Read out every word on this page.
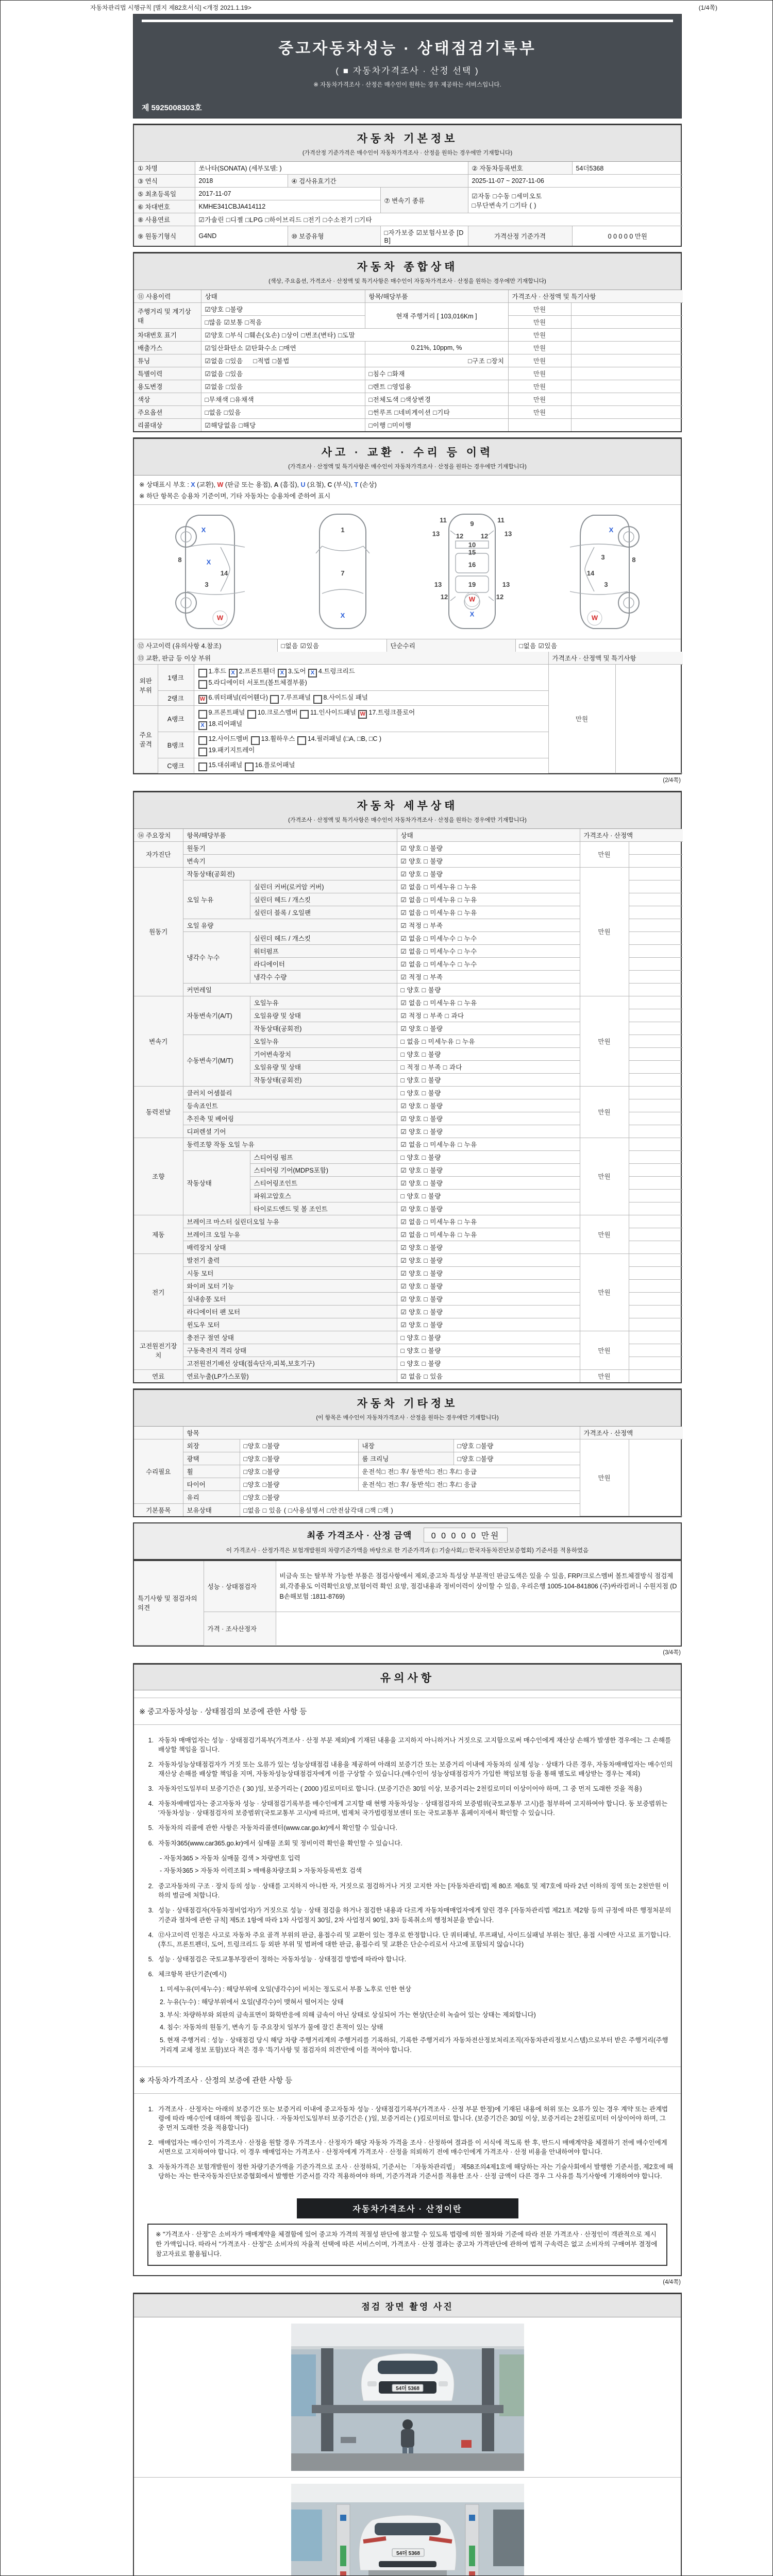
자동차관리법 시행규칙 [별지 제82호서식] <개정 2021.1.19>	(1/4쪽)
중고자동차성능 · 상태점검기록부
( ■ 자동차가격조사 · 산정 선택 )
※ 자동차가격조사 · 산정은 매수인이 원하는 경우 제공하는 서비스입니다.
제 5925008303호
자동차 기본정보
(가격산정 기준가격은 매수인이 자동차가격조사 · 산정을 원하는 경우에만 기재합니다)
① 차명	쏘나타(SONATA) (세부모델: )			② 자동차등록번호	54더5368
③ 연식	2018	④ 검사유효기간		2025-11-07 ~ 2027-11-06	
⑤ 최초등록일	2017-11-07		⑦ 변속기 종류	☑자동 □수동 □세미오토
□무단변속기 □기타 ( )	

⑥ 차대번호	KMHE341CBJA414112				
⑧ 사용연료	☑가솔린 □디젤 □LPG □하이브리드 □전기 □수소전기 □기타				
⑨ 원동기형식	G4ND	⑩ 보증유형	□자가보증 ☑보험사보증 [DB]	가격산정 기준가격	0 0 0 0 0 만원
자동차 종합상태
(색상, 주요옵션, 가격조사 · 산정액 및 특기사항은 매수인이 자동차가격조사 · 산정을 원하는 경우에만 기재합니다)
⑪ 사용이력	상태	항목/해당부품	가격조사 · 산정액 및 특기사항	
주행거리 및 계기상태	☑양호 □불량	현재 주행거리 [ 103,016Km ]	만원	
	□많음 ☑보통 □적음		만원	
차대번호 표기	☑양호 □부식 □훼손(오손) □상이 □변조(변타) □도말		만원	
배출가스	☑일산화탄소 ☑탄화수소 □매연	0.21%, 10ppm, %	만원	
튜닝	☑없음 □있음 □적법 □불법	□구조 □장치	만원	
특별이력	☑없음 □있음	□침수 □화재	만원	
용도변경	☑없음 □있음	□렌트 □영업용	만원	
색상	□무채색 □유채색	□전체도색 □색상변경	만원	
주요옵션	□없음 □있음	□썬루프 □네비게이션 □기타	만원	
리콜대상	☑해당없음 □해당	□이행 □미이행		
사고 · 교환 · 수리 등 이력
(가격조사 · 산정액 및 특기사항은 매수인이 자동차가격조사 · 산정을 원하는 경우에만 기재합니다)
※ 상태표시 부호 : X (교환), W (판금 또는 용접), A (흠집), U (요철), C (부식), T (손상)
※ 하단 항목은 승용차 기준이며, 기타 자동차는 승용차에 준하여 표시
X
8	X
14
3
W
1
7
X
11	9	11
13 12	12 13
10
15
16
13	19	13
12	W	12
X
X
3	8
14
3
W
⑫ 사고이력 (유의사항 4.참조)	□없음 ☑있음	단순수리	□없음 ☑있음
⑬ 교환, 판금 등 이상 부위			가격조사 · 산정액 및 특기사항	
외판부위	1랭크	1.후드 X 2.프론트휀더 X 3.도어 X 4.트렁크리드
5.라디에이터 서포트(볼트체결부품)	만원	
	2랭크	W 6.쿼터패널(리어휀다)  7.루프패널  8.사이드실 패널		
주요골격	A랭크	9.프론트패널  10.크로스멤버  11.인사이드패널 W 17.트렁크플로어
X 18.리어패널		
	B랭크	12.사이드멤버  13.휠하우스  14.필러패널 (□A, □B, □C )
19.패키지트레이		
	C랭크	15.대쉬패널  16.플로어패널		
(2/4쪽)
자동차 세부상태
(가격조사 · 산정액 및 특기사항은 매수인이 자동차가격조사 · 산정을 원하는 경우에만 기재합니다)
⑭ 주요장치	항목/해당부품		상태	가격조사 · 산정액	
자가진단	원동기		☑ 양호 □ 불량	만원	
	변속기		☑ 양호 □ 불량		
원동기	작동상태(공회전)		☑ 양호 □ 불량	만원	
	오일 누유	실린더 커버(로커암 커버)	☑ 없음 □ 미세누유 □ 누유		
		실린더 헤드 / 개스킷	☑ 없음 □ 미세누유 □ 누유		
		실린더 블록 / 오일팬	☑ 없음 □ 미세누유 □ 누유		
	오일 유량		☑ 적정 □ 부족		
	냉각수 누수	실린더 헤드 / 개스킷	☑ 없음 □ 미세누수 □ 누수		
		워터펌프	☑ 없음 □ 미세누수 □ 누수		
		라디에이터	☑ 없음 □ 미세누수 □ 누수		
		냉각수 수량	☑ 적정 □ 부족		
	커먼레일		□ 양호 □ 불량		
변속기	자동변속기(A/T)	오일누유	☑ 없음 □ 미세누유 □ 누유	만원	
		오일유량 및 상태	☑ 적정 □ 부족 □ 과다		
		작동상태(공회전)	☑ 양호 □ 불량		
	수동변속기(M/T)	오일누유	□ 없음 □ 미세누유 □ 누유		
		기어변속장치	□ 양호 □ 불량		
		오일유량 및 상태	□ 적정 □ 부족 □ 과다		
		작동상태(공회전)	□ 양호 □ 불량		
동력전달	클러치 어셈블리		□ 양호 □ 불량	만원	
	등속죠인트		☑ 양호 □ 불량		
	추진축 및 베어링		☑ 양호 □ 불량		
	디퍼렌셜 기어		☑ 양호 □ 불량		
조향	동력조향 작동 오일 누유		☑ 없음 □ 미세누유 □ 누유	만원	
	작동상태	스티어링 펌프	□ 양호 □ 불량		
		스티어링 기어(MDPS포함)	☑ 양호 □ 불량		
		스티어링조인트	☑ 양호 □ 불량		
		파워고압호스	□ 양호 □ 불량		
		타이로드엔드 및 볼 조인트	☑ 양호 □ 불량		
제동	브레이크 마스터 실린더오일 누유		☑ 없음 □ 미세누유 □ 누유	만원	
	브레이크 오일 누유		☑ 없음 □ 미세누유 □ 누유		
	배력장치 상태		☑ 양호 □ 불량		
전기	발전기 출력		☑ 양호 □ 불량	만원	
	시동 모터		☑ 양호 □ 불량		
	와이퍼 모터 기능		☑ 양호 □ 불량		
	실내송풍 모터		☑ 양호 □ 불량		
	라디에이터 팬 모터		☑ 양호 □ 불량		
	윈도우 모터		☑ 양호 □ 불량		
고전원전기장치	충전구 절연 상태		□ 양호 □ 불량	만원	
	구동축전지 격리 상태		□ 양호 □ 불량		
	고전원전기배선 상태(접속단자,피복,보호기구)		□ 양호 □ 불량		
연료	연료누출(LP가스포함)		☑ 없음 □ 있음	만원	
자동차 기타정보
(이 항목은 매수인이 자동차가격조사 · 산정을 원하는 경우에만 기재합니다)
	항목				가격조사 · 산정액	
수리필요	외장	□양호 □불량	내장	□양호 □불량	만원	
	광택	□양호 □불량	룸 크리닝	□양호 □불량		
	휠	□양호 □불량	운전석□ 전□ 후/ 동반석□ 전□ 후/□ 응급			
	타이어	□양호 □불량	운전석□ 전□ 후/ 동반석□ 전□ 후/□ 응급			
	유리	□양호 □불량				
기본품목	보유상태	□없음 □ 있음 ( □사용설명서 □안전삼각대 □잭 □잭 )				
최종 가격조사 · 산정 금액 0 0 0 0 0 만원
이 가격조사 · 산정가격은 보험개발원의 차량기준가액을 바탕으로 한 기준가격과 (□ 기술사회,□ 한국자동차진단보증협회) 기준서를 적용하였음
특기사항 및 점검자의 의견	성능 · 상태점검자	비금속 또는 탈부착 가능한 부품은 점검사항에서 제외,중고차 특성상 부분적인 판금도색은 있을 수 있음, FRP/크로스멤버 볼트체결방식 점검제외,각종용도 이력확인요망,보험이력 확인 요망, 점검내용과 정비이력이 상이할 수 있음, 우리은행 1005-104-841806 (주)싸라컴퍼니 수원지점 (DB손해보험 :1811-8769)
	가격 · 조사산정자	
(3/4쪽)
유의사항
※ 중고자동차성능 · 상태점검의 보증에 관한 사항 등
1. 자동차 매매업자는 성능 · 상태점검기록부(가격조사 · 산정 부분 제외)에 기재된 내용을 고지하지 아니하거나 거짓으로 고지함으로써 매수인에게 재산상 손해가 발생한 경우에는 그 손해를 배상할 책임을 집니다.
2. 자동차성능상태점검자가 거짓 또는 오류가 있는 성능상태점검 내용을 제공하여 아래의 보증기간 또는 보증거리 이내에 자동차의 실제 성능 · 상태가 다른 경우, 자동차매매업자는 매수인의 재산상 손해를 배상할 책임을 지며, 자동차성능상태점검자에게 이를 구상할 수 있습니다.(매수인이 성능상태점검자가 가입한 책임보험 등을 통해 별도로 배상받는 경우는 제외)
3. 자동차인도일부터 보증기간은 ( 30 )일, 보증거리는 ( 2000 )킬로미터로 합니다. (보증기간은 30일 이상, 보증거리는 2천킬로미터 이상이어야 하며, 그 중 먼저 도래한 것을 적용)
4. 자동차매매업자는 중고자동차 성능 · 상태점검기록부를 매수인에게 고지할 때 현행 자동차성능 · 상태점검자의 보증범위(국토교통부 고시)를 첨부하여 고지하여야 합니다. 동 보증범위는 '자동차성능 · 상태점검자의 보증범위'(국토교통부 고시)에 따르며, 법제처 국가법령정보센터 또는 국토교통부 홈페이지에서 확인할 수 있습니다.
5. 자동차의 리콜에 관한 사항은 자동차리콜센터(www.car.go.kr)에서 확인할 수 있습니다.
6. 자동차365(www.car365.go.kr)에서 실매물 조회 및 정비이력 확인을 확인할 수 있습니다.
- 자동차365 > 자동차 실매물 검색 > 차량번호 입력
- 자동차365 > 자동차 이력조회 > 매매용차량조회 > 자동차등록번호 검색
2. 중고자동차의 구조 · 장치 등의 성능 · 상태를 고지하지 아니한 자, 거짓으로 점검하거나 거짓 고지한 자는 [자동차관리법] 제 80조 제6호 및 제7호에 따라 2년 이하의 징역 또는 2천만원 이하의 벌금에 처합니다.
3. 성능 · 상태점검자(자동차정비업자)가 거짓으로 성능 · 상태 점검을 하거나 점검한 내용과 다르게 자동차매매업자에게 알린 경우 [자동차관리법 제21조 제2항 등의 규정에 따른 행정처분의 기준과 절차에 관한 규칙] 제5조 1항에 따라 1차 사업정지 30일, 2차 사업정지 90일, 3차 등록취소의 행정처분을 받습니다.
4. ⑫사고이력 인정은 사고로 자동차 주요 골격 부위의 판금, 용접수리 및 교환이 있는 경우로 한정합니다. 단 쿼터패널, 루프패널, 사이드실패널 부위는 절단, 용접 시에만 사고로 표기합니다. (후드, 프론트펜더, 도어, 트렁크리드 등 외판 부위 및 범퍼에 대한 판금, 용접수리 및 교환은 단순수리로서 사고에 포함되지 않습니다)
5. 성능 · 상태점검은 국토교통부장관이 정하는 자동차성능 · 상태점검 방법에 따라야 합니다.
6. 체크항목 판단기준(예시)
1. 미세누유(미세누수) : 해당부위에 오일(냉각수)이 비치는 정도로서 부품 노후로 인한 현상
2. 누유(누수) : 해당부위에서 오일(냉각수)이 맺혀서 떨어지는 상태
3. 부식: 차량하부와 외판의 금속표면이 화학반응에 의해 금속이 아닌 상태로 상실되어 가는 현상(단순히 녹슬어 있는 상태는 제외합니다)
4. 침수: 자동차의 원동기, 변속기 등 주요장치 일부가 물에 잠긴 흔적이 있는 상태
5. 현재 주행거리 : 성능 · 상태점검 당시 해당 차량 주행거리계의 주행거리를 기록하되, 기록한 주행거리가 자동차전산정보처리조직(자동차관리정보시스템)으로부터 받은 주행거리(주행거리계 교체 정보 포함)보다 적은 경우 '특기사항 및 점검자의 의견'란에 이를 적어야 합니다.
※ 자동차가격조사 · 산정의 보증에 관한 사항 등
1. 가격조사 · 산정자는 아래의 보증기간 또는 보증거리 이내에 중고자동차 성능 · 상태점검기록부(가격조사 · 산정 부분 한정)에 기재된 내용에 허위 또는 오류가 있는 경우 계약 또는 관계법령에 따라 매수인에 대하여 책임을 집니다. · 자동차인도일부터 보증기간은 ( )일, 보증거리는 ( )킬로미터로 합니다. (보증기간은 30일 이상, 보증거리는 2천킬로미터 이상이어야 하며, 그 중 먼저 도래한 것을 적용합니다)
2. 매매업자는 매수인이 가격조사 · 산정을 원할 경우 가격조사 · 산정자가 해당 자동차 가격을 조사 · 산정하여 결과를 이 서식에 적도록 한 후, 반드시 매매계약을 체결하기 전에 매수인에게 서면으로 고지하여야 합니다. 이 경우 매매업자는 가격조사 · 산정자에게 가격조사 · 산정을 의뢰하기 전에 매수인에게 가격조사 · 산정 비용을 안내하여야 합니다.
3. 자동차가격은 보험개발원이 정한 차량기준가액을 기준가격으로 조사 · 산정하되, 기준서는 「자동차관리법」 제58조의4제1호에 해당하는 자는 기술사회에서 발행한 기준서를, 제2호에 해당하는 자는 한국자동차진단보증협회에서 발행한 기준서를 각각 적용하여야 하며, 기준가격과 기준서를 적용한 조사 · 산정 금액이 다른 경우 그 사유를 특기사항에 기재하여야 합니다.
자동차가격조사 · 산정이란
※ "가격조사 · 산정"은 소비자가 매매계약을 체결함에 있어 중고차 가격의 적절성 판단에 참고할 수 있도록 법령에 의한 절차와 기준에 따라 전문 가격조사 · 산정인이 객관적으로 제시한 가액입니다. 따라서 "가격조사 · 산정"은 소비자의 자율적 선택에 따른 서비스이며, 가격조사 · 산정 결과는 중고차 가격판단에 관하여 법적 구속력은 없고 소비자의 구매여부 결정에 참고자료로 활용됩니다.
(4/4쪽)
점검 장면 촬영 사진
54더 5368
54더 5368
